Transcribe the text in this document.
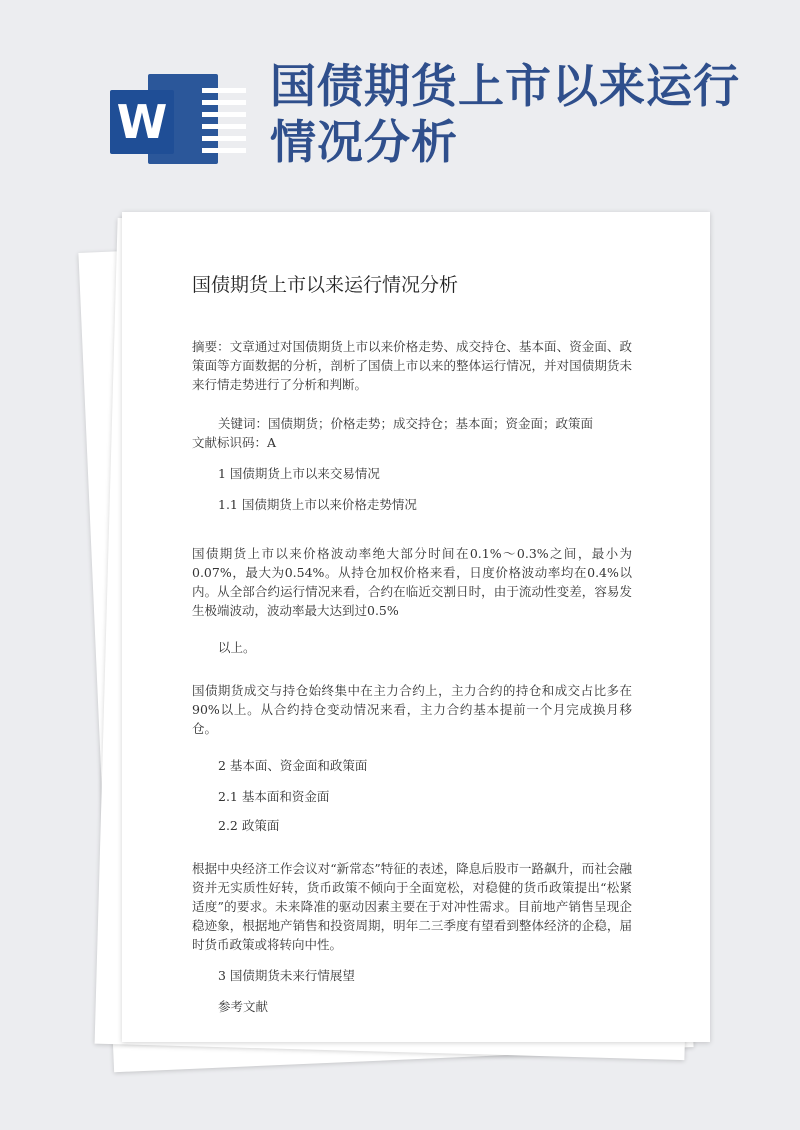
W
国债期货上市以来运行情况分析

国债期货上市以来运行情况分析

摘要：文章通过对国债期货上市以来价格走势、成交持仓、基本面、资金面、政策面等方面数据的分析，剖析了国债上市以来的整体运行情况，并对国债期货未来行情走势进行了分析和判断。

关键词：国债期货；价格走势；成交持仓；基本面；资金面；政策面

文献标识码：A

1 国债期货上市以来交易情况

1.1 国债期货上市以来价格走势情况

国债期货上市以来价格波动率绝大部分时间在0.1%～0.3%之间，最小为0.07%，最大为0.54%。从持仓加权价格来看，日度价格波动率均在0.4%以内。从全部合约运行情况来看，合约在临近交割日时，由于流动性变差，容易发生极端波动，波动率最大达到过0.5%

以上。

国债期货成交与持仓始终集中在主力合约上，主力合约的持仓和成交占比多在90%以上。从合约持仓变动情况来看，主力合约基本提前一个月完成换月移仓。

2 基本面、资金面和政策面

2.1 基本面和资金面

2.2 政策面

根据中央经济工作会议对“新常态”特征的表述，降息后股市一路飙升，而社会融资并无实质性好转，货币政策不倾向于全面宽松，对稳健的货币政策提出“松紧适度”的要求。未来降准的驱动因素主要在于对冲性需求。目前地产销售呈现企稳迹象，根据地产销售和投资周期，明年二三季度有望看到整体经济的企稳，届时货币政策或将转向中性。

3 国债期货未来行情展望

参考文献
